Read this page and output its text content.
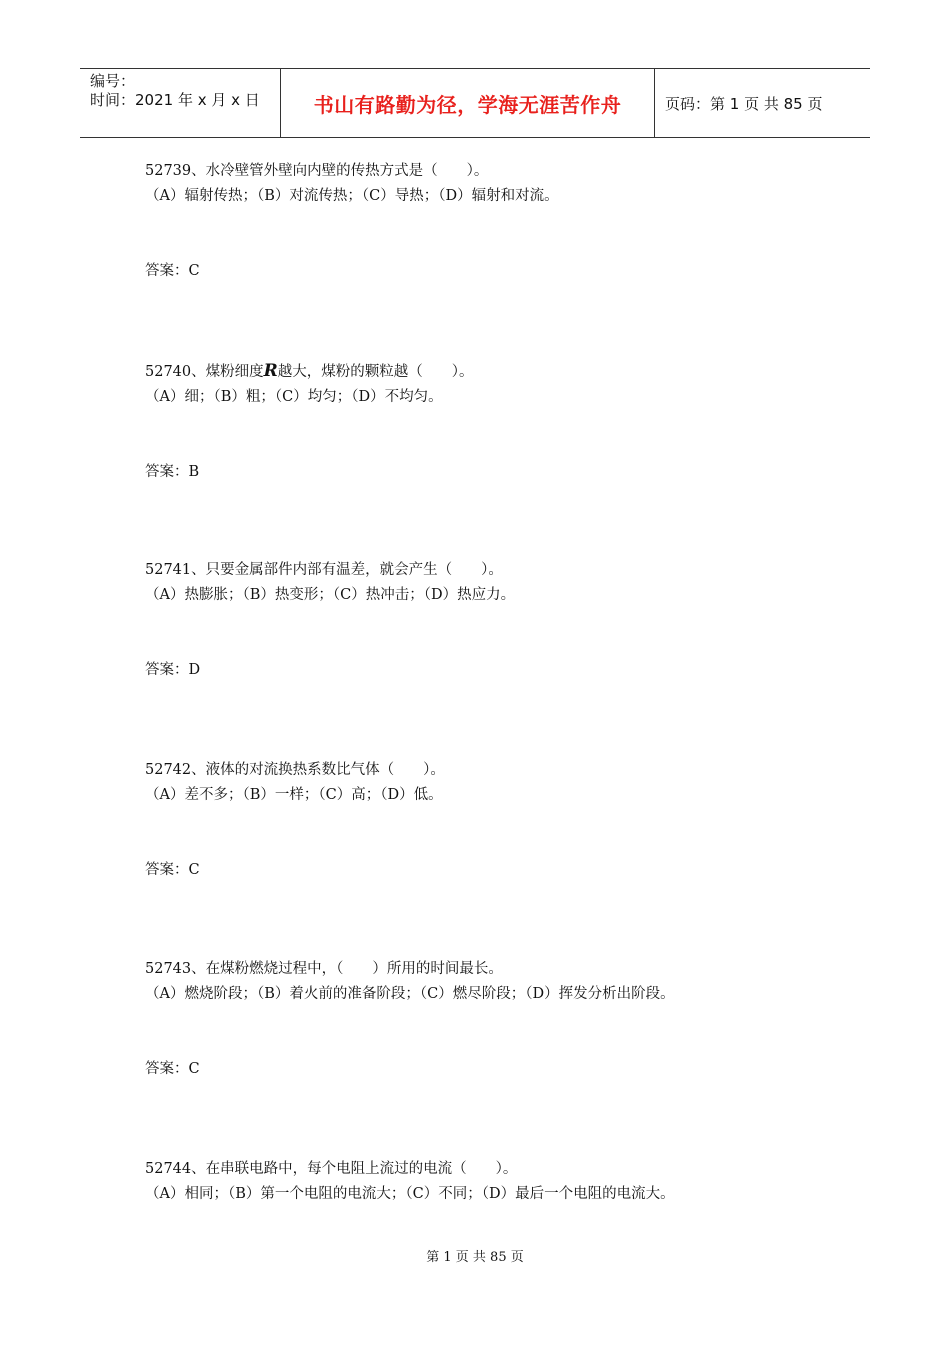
编号：
时间：2021 年 x 月 x 日	书山有路勤为径，学海无涯苦作舟	页码：第 1 页 共 85 页
52739、水冷壁管外壁向内壁的传热方式是（　　）。
（A）辐射传热；（B）对流传热；（C）导热；（D）辐射和对流。
答案：C
52740、煤粉细度R越大，煤粉的颗粒越（　　）。
（A）细；（B）粗；（C）均匀；（D）不均匀。
答案：B
52741、只要金属部件内部有温差，就会产生（　　）。
（A）热膨胀；（B）热变形；（C）热冲击；（D）热应力。
答案：D
52742、液体的对流换热系数比气体（　　）。
（A）差不多；（B）一样；（C）高；（D）低。
答案：C
52743、在煤粉燃烧过程中，（　　）所用的时间最长。
（A）燃烧阶段；（B）着火前的准备阶段；（C）燃尽阶段；（D）挥发分析出阶段。
答案：C
52744、在串联电路中，每个电阻上流过的电流（　　）。
（A）相同；（B）第一个电阻的电流大；（C）不同；（D）最后一个电阻的电流大。
第 1 页 共 85 页
